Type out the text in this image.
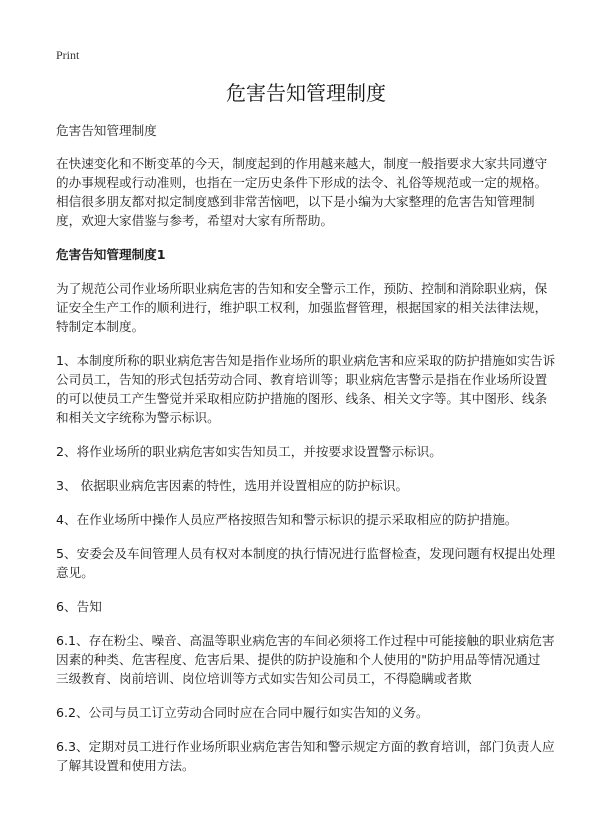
Print
危害告知管理制度

危害告知管理制度

在快速变化和不断变革的今天，制度起到的作用越来越大，制度一般指要求大家共同遵守的办事规程或行动准则，也指在一定历史条件下形成的法令、礼俗等规范或一定的规格。相信很多朋友都对拟定制度感到非常苦恼吧，以下是小编为大家整理的危害告知管理制度，欢迎大家借鉴与参考，希望对大家有所帮助。

危害告知管理制度1

为了规范公司作业场所职业病危害的告知和安全警示工作，预防、控制和消除职业病，保证安全生产工作的顺利进行，维护职工权利，加强监督管理，根据国家的相关法律法规，特制定本制度。

1、本制度所称的职业病危害告知是指作业场所的职业病危害和应采取的防护措施如实告诉公司员工，告知的形式包括劳动合同、教育培训等；职业病危害警示是指在作业场所设置的可以使员工产生警觉并采取相应防护措施的图形、线条、相关文字等。其中图形、线条和相关文字统称为警示标识。

2、将作业场所的职业病危害如实告知员工，并按要求设置警示标识。

3、 依据职业病危害因素的特性，选用并设置相应的防护标识。

4、在作业场所中操作人员应严格按照告知和警示标识的提示采取相应的防护措施。

5、安委会及车间管理人员有权对本制度的执行情况进行监督检查，发现问题有权提出处理意见。

6、告知

6.1、存在粉尘、噪音、高温等职业病危害的车间必须将工作过程中可能接触的职业病危害因素的种类、危害程度、危害后果、提供的防护设施和个人使用的"防护用品等情况通过 三级教育、岗前培训、岗位培训等方式如实告知公司员工，不得隐瞒或者欺

6.2、公司与员工订立劳动合同时应在合同中履行如实告知的义务。

6.3、定期对员工进行作业场所职业病危害告知和警示规定方面的教育培训，部门负责人应了解其设置和使用方法。
